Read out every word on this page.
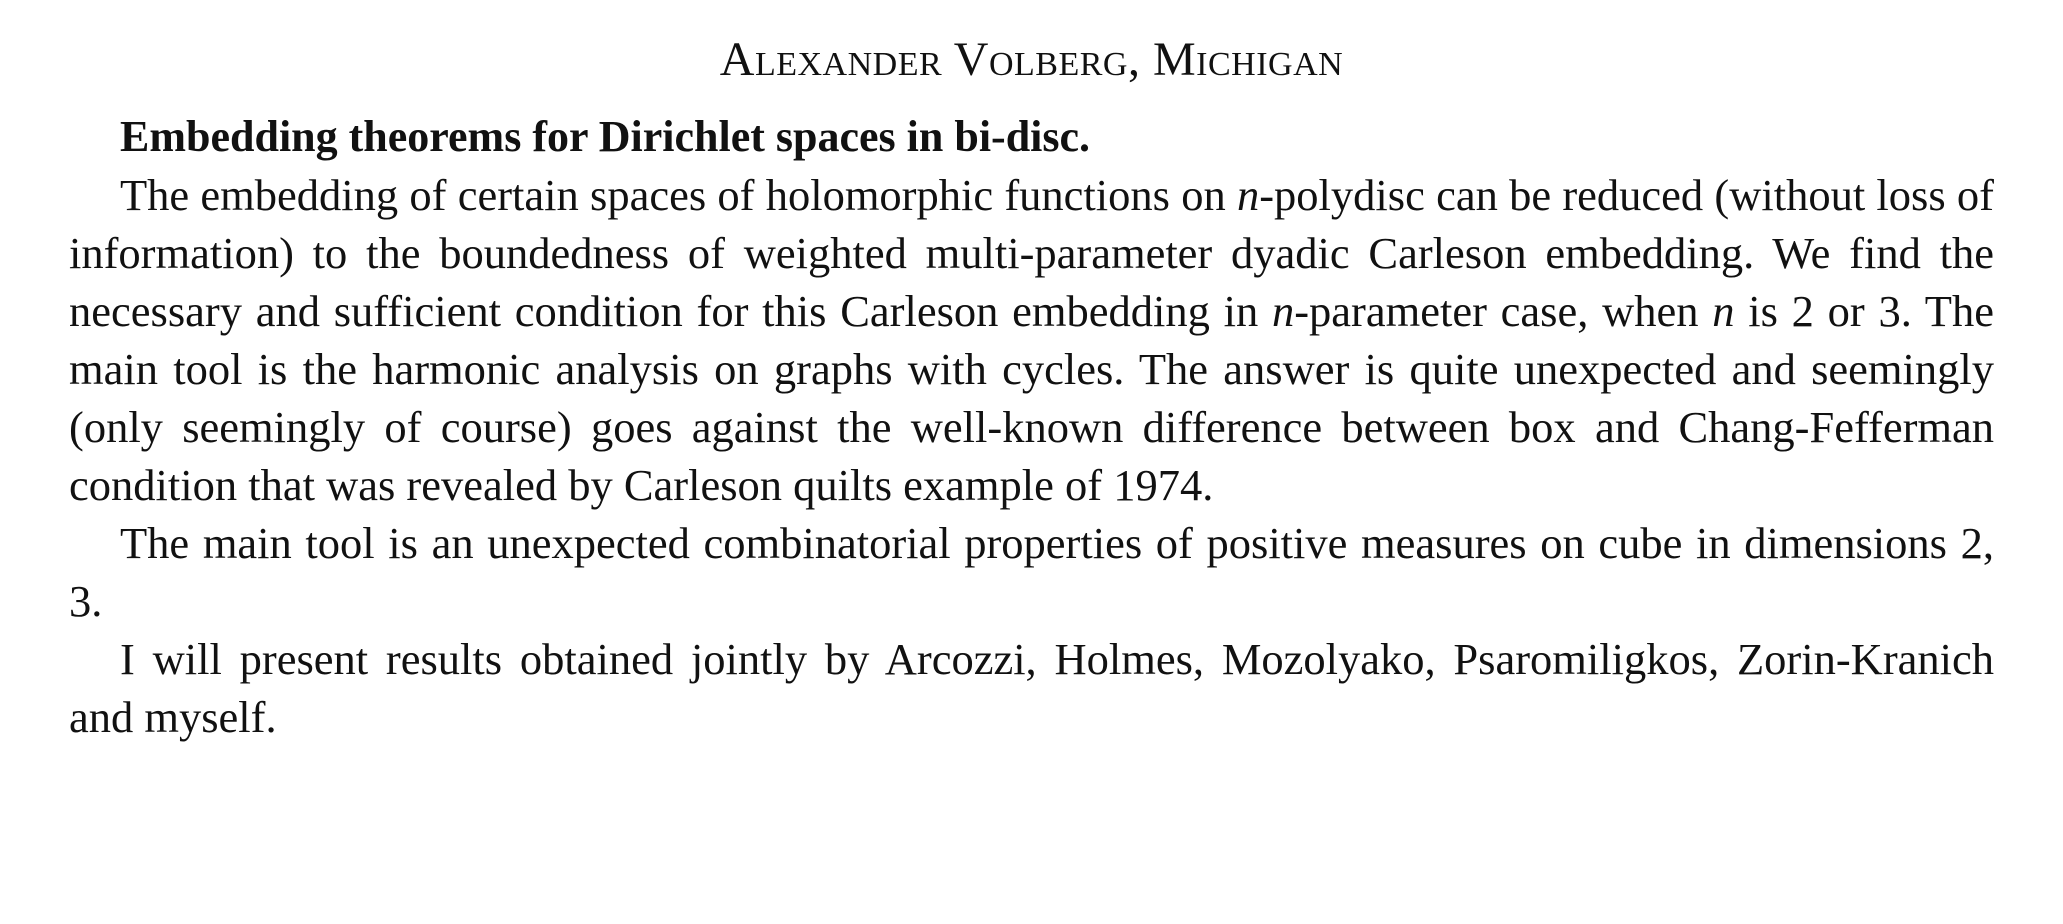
Alexander Volberg, Michigan
Embedding theorems for Dirichlet spaces in bi-disc.

The embedding of certain spaces of holomorphic functions on n-polydisc can be reduced (without loss of information) to the boundedness of weighted multi-parameter dyadic Carleson embedding. We find the necessary and sufficient condition for this Carleson embedding in n-parameter case, when n is 2 or 3. The main tool is the harmonic analysis on graphs with cycles. The answer is quite unexpected and seemingly (only seemingly of course) goes against the well-known difference between box and Chang-Fefferman condition that was revealed by Carleson quilts example of 1974.

The main tool is an unexpected combinatorial properties of positive measures on cube in dimensions 2, 3.

I will present results obtained jointly by Arcozzi, Holmes, Mozolyako, Psaromiligkos, Zorin-Kranich and myself.
